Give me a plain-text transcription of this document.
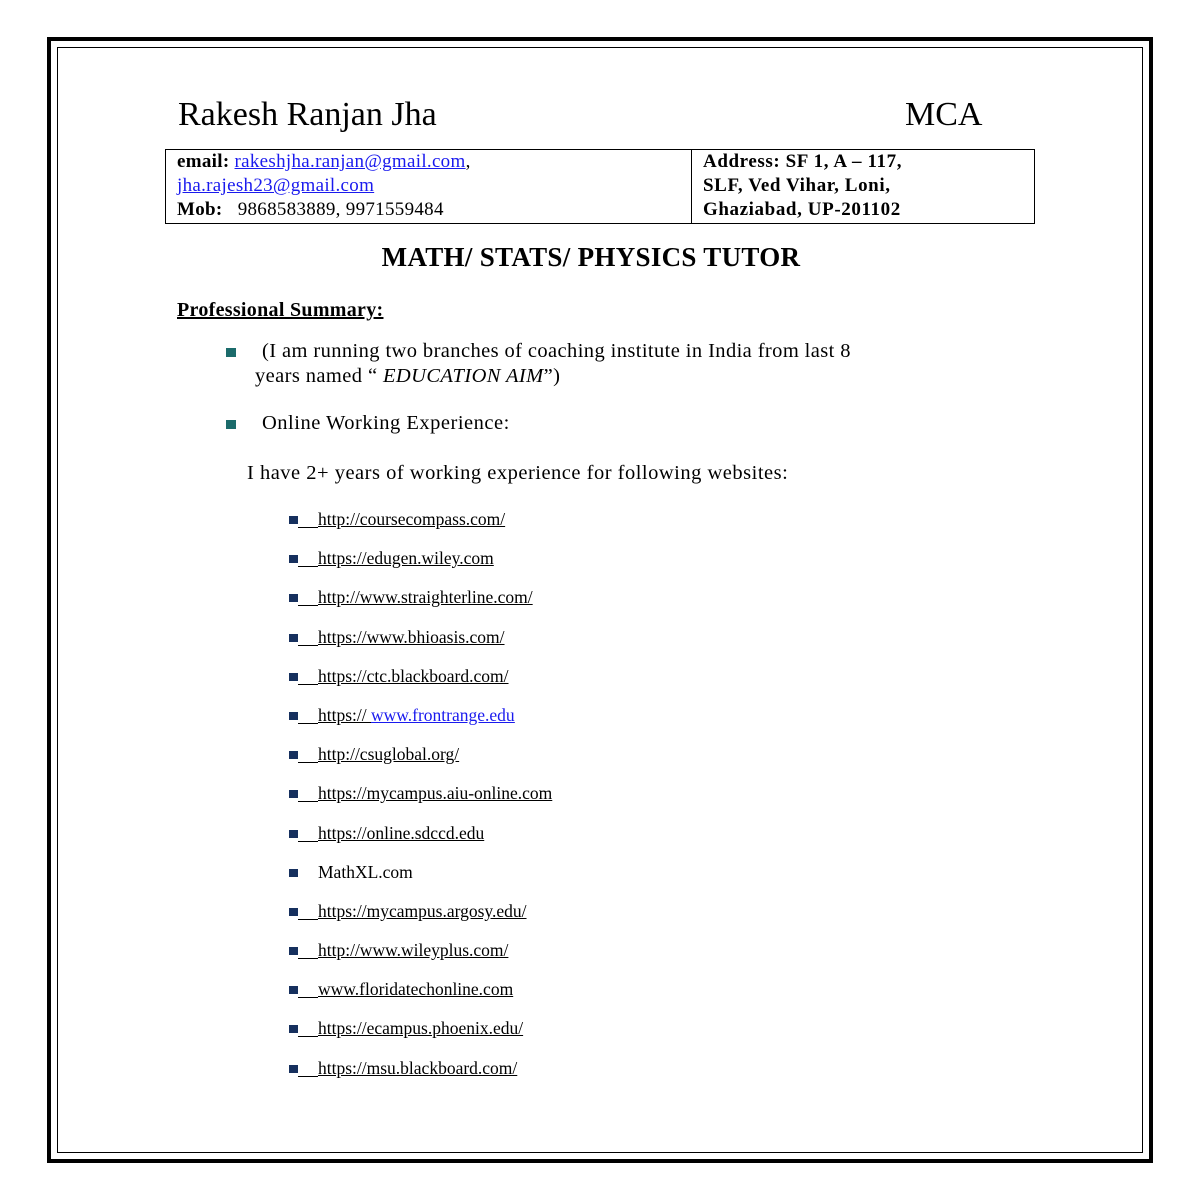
Rakesh Ranjan Jha	MCA
email: rakeshjha.ranjan@gmail.com,
jha.rajesh23@gmail.com
Mob: 9868583889, 9971559484
Address: SF 1, A – 117,
SLF, Ved Vihar, Loni,
Ghaziabad, UP-201102
MATH/ STATS/ PHYSICS TUTOR
Professional Summary:
(I am running two branches of coaching institute in India from last 8
years named “ EDUCATION AIM”)
Online Working Experience:
I have 2+ years of working experience for following websites:
http://coursecompass.com/
https://edugen.wiley.com
http://www.straighterline.com/
https://www.bhioasis.com/
https://ctc.blackboard.com/
https:// www.frontrange.edu
http://csuglobal.org/
https://mycampus.aiu-online.com
https://online.sdccd.edu
MathXL.com
https://mycampus.argosy.edu/
http://www.wileyplus.com/
www.floridatechonline.com
https://ecampus.phoenix.edu/
https://msu.blackboard.com/
